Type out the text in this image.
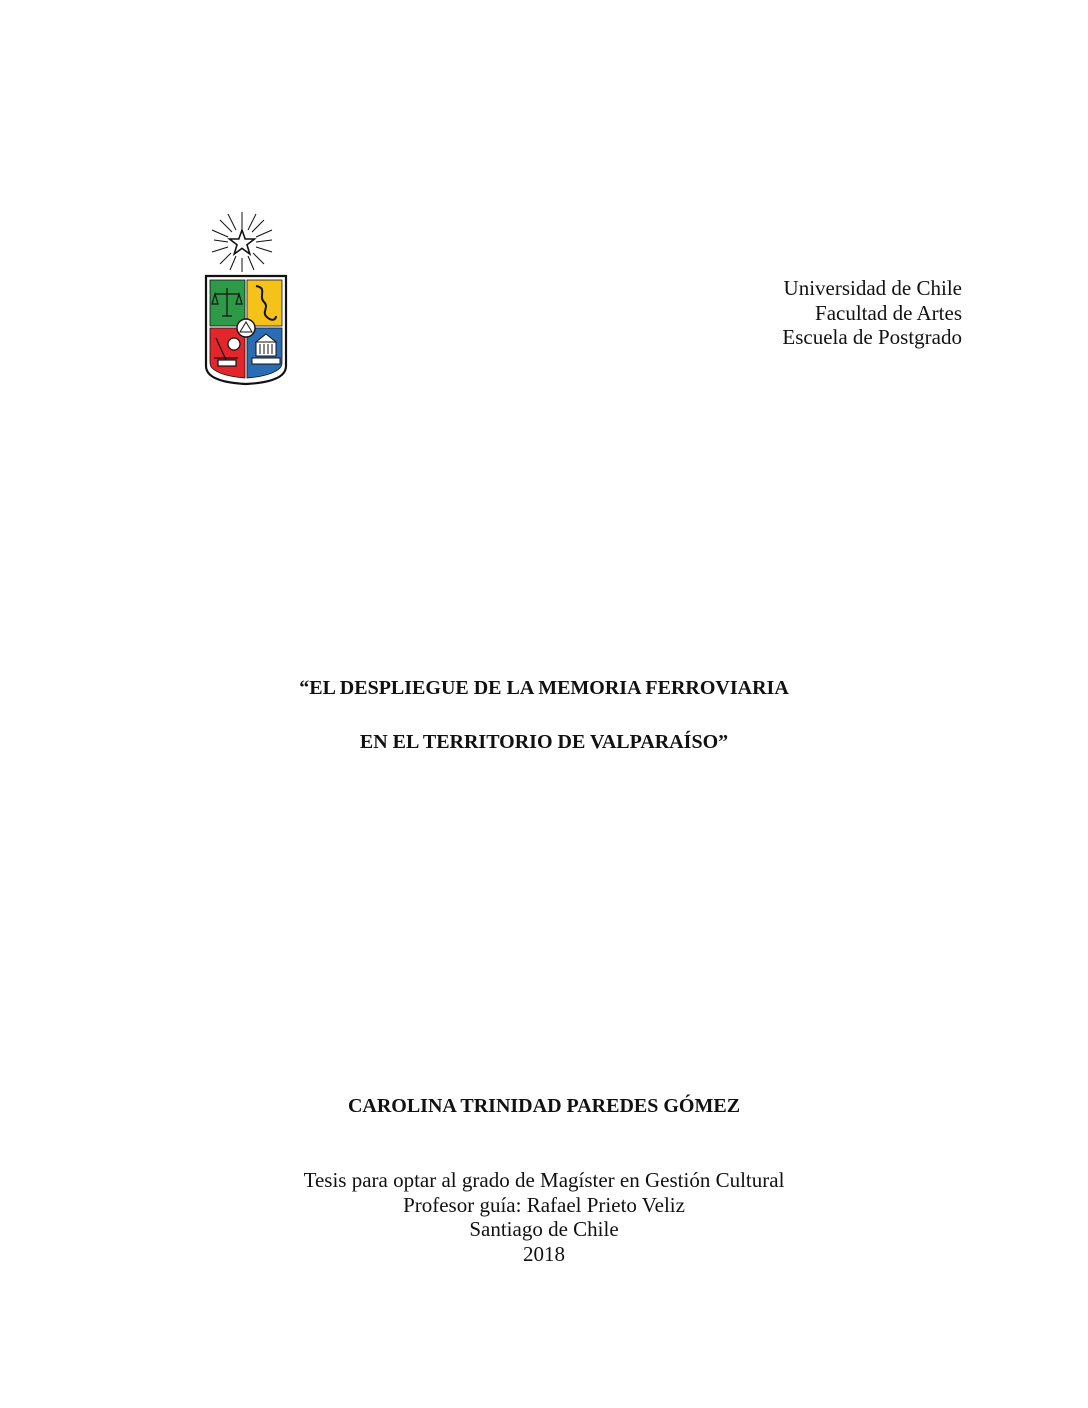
Universidad de Chile
Facultad de Artes
Escuela de Postgrado
“EL DESPLIEGUE DE LA MEMORIA FERROVIARIA
EN EL TERRITORIO DE VALPARAÍSO”
CAROLINA TRINIDAD PAREDES GÓMEZ
Tesis para optar al grado de Magíster en Gestión Cultural
Profesor guía: Rafael Prieto Veliz
Santiago de Chile
2018
